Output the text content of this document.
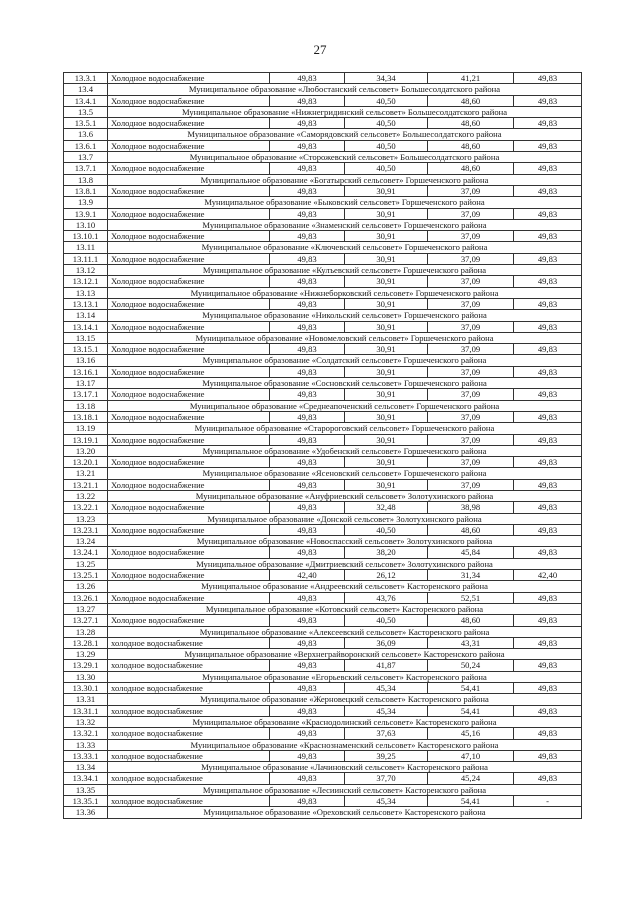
27
13.3.1	Холодное водоснабжение	49,83	34,34	41,21	49,83
13.4	Муниципальное образование «Любостанский сельсовет» Большесолдатского района				
13.4.1	Холодное водоснабжение	49,83	40,50	48,60	49,83
13.5	Муниципальное образование «Нижнегридинский сельсовет» Большесолдатского района				
13.5.1	Холодное водоснабжение	49,83	40,50	48,60	49,83
13.6	Муниципальное образование «Саморядовский сельсовет» Большесолдатского района				
13.6.1	Холодное водоснабжение	49,83	40,50	48,60	49,83
13.7	Муниципальное образование «Сторожевский сельсовет» Большесолдатского района				
13.7.1	Холодное водоснабжение	49,83	40,50	48,60	49,83
13.8	Муниципальное образование «Богатырский сельсовет» Горшеченского района				
13.8.1	Холодное водоснабжение	49,83	30,91	37,09	49,83
13.9	Муниципальное образование «Быковский сельсовет» Горшеченского района				
13.9.1	Холодное водоснабжение	49,83	30,91	37,09	49,83
13.10	Муниципальное образование «Знаменский сельсовет» Горшеченского района				
13.10.1	Холодное водоснабжение	49,83	30,91	37,09	49,83
13.11	Муниципальное образование «Ключевский сельсовет» Горшеченского района				
13.11.1	Холодное водоснабжение	49,83	30,91	37,09	49,83
13.12	Муниципальное образование «Кулъевский сельсовет» Горшеченского района				
13.12.1	Холодное водоснабжение	49,83	30,91	37,09	49,83
13.13	Муниципальное образование «Нижнеборковский сельсовет» Горшеченского района				
13.13.1	Холодное водоснабжение	49,83	30,91	37,09	49,83
13.14	Муниципальное образование «Никольский сельсовет» Горшеченского района				
13.14.1	Холодное водоснабжение	49,83	30,91	37,09	49,83
13.15	Муниципальное образование «Новомеловский сельсовет» Горшеченского района				
13.15.1	Холодное водоснабжение	49,83	30,91	37,09	49,83
13.16	Муниципальное образование «Солдатский сельсовет» Горшеченского района				
13.16.1	Холодное водоснабжение	49,83	30,91	37,09	49,83
13.17	Муниципальное образование «Сосновский сельсовет» Горшеченского района				
13.17.1	Холодное водоснабжение	49,83	30,91	37,09	49,83
13.18	Муниципальное образование «Среднеапоченский сельсовет» Горшеченского района				
13.18.1	Холодное водоснабжение	49,83	30,91	37,09	49,83
13.19	Муниципальное образование «Старороговский сельсовет» Горшеченского района				
13.19.1	Холодное водоснабжение	49,83	30,91	37,09	49,83
13.20	Муниципальное образование «Удобенский сельсовет» Горшеченского района				
13.20.1	Холодное водоснабжение	49,83	30,91	37,09	49,83
13.21	Муниципальное образование «Ясеновский сельсовет» Горшеченского района				
13.21.1	Холодное водоснабжение	49,83	30,91	37,09	49,83
13.22	Муниципальное образование «Ануфриевский сельсовет» Золотухинского района				
13.22.1	Холодное водоснабжение	49,83	32,48	38,98	49,83
13.23	Муниципальное образование «Донской сельсовет» Золотухинского района				
13.23.1	Холодное водоснабжение	49,83	40,50	48,60	49,83
13.24	Муниципальное образование «Новоспасский сельсовет» Золотухинского района				
13.24.1	Холодное водоснабжение	49,83	38,20	45,84	49,83
13.25	Муниципальное образование «Дмитриевский сельсовет» Золотухинского района				
13.25.1	Холодное водоснабжение	42,40	26,12	31,34	42,40
13.26	Муниципальное образование «Андреевский сельсовет» Касторенского района				
13.26.1	Холодное водоснабжение	49,83	43,76	52,51	49,83
13.27	Муниципальное образование «Котовский сельсовет» Касторенского района				
13.27.1	Холодное водоснабжение	49,83	40,50	48,60	49,83
13.28	Муниципальное образование «Алексеевский сельсовет» Касторенского района				
13.28.1	холодное водоснабжение	49,83	36,09	43,31	49,83
13.29	Муниципальное образование «Верхнеграйворонский сельсовет» Касторенского района				
13.29.1	холодное водоснабжение	49,83	41,87	50,24	49,83
13.30	Муниципальное образование «Егорьевский сельсовет» Касторенского района				
13.30.1	холодное водоснабжение	49,83	45,34	54,41	49,83
13.31	Муниципальное образование «Жерновецкий сельсовет» Касторенского района				
13.31.1	холодное водоснабжение	49,83	45,34	54,41	49,83
13.32	Муниципальное образование «Краснодолинский сельсовет» Касторенского района				
13.32.1	холодное водоснабжение	49,83	37,63	45,16	49,83
13.33	Муниципальное образование «Краснознаменский сельсовет» Касторенского района				
13.33.1	холодное водоснабжение	49,83	39,25	47,10	49,83
13.34	Муниципальное образование «Лачиновский сельсовет» Касторенского района				
13.34.1	холодное водоснабжение	49,83	37,70	45,24	49,83
13.35	Муниципальное образование «Лесиинский сельсовет» Касторенского района				
13.35.1	холодное водоснабжение	49,83	45,34	54,41	-
13.36	Муниципальное образование «Ореховский сельсовет» Касторенского района				
